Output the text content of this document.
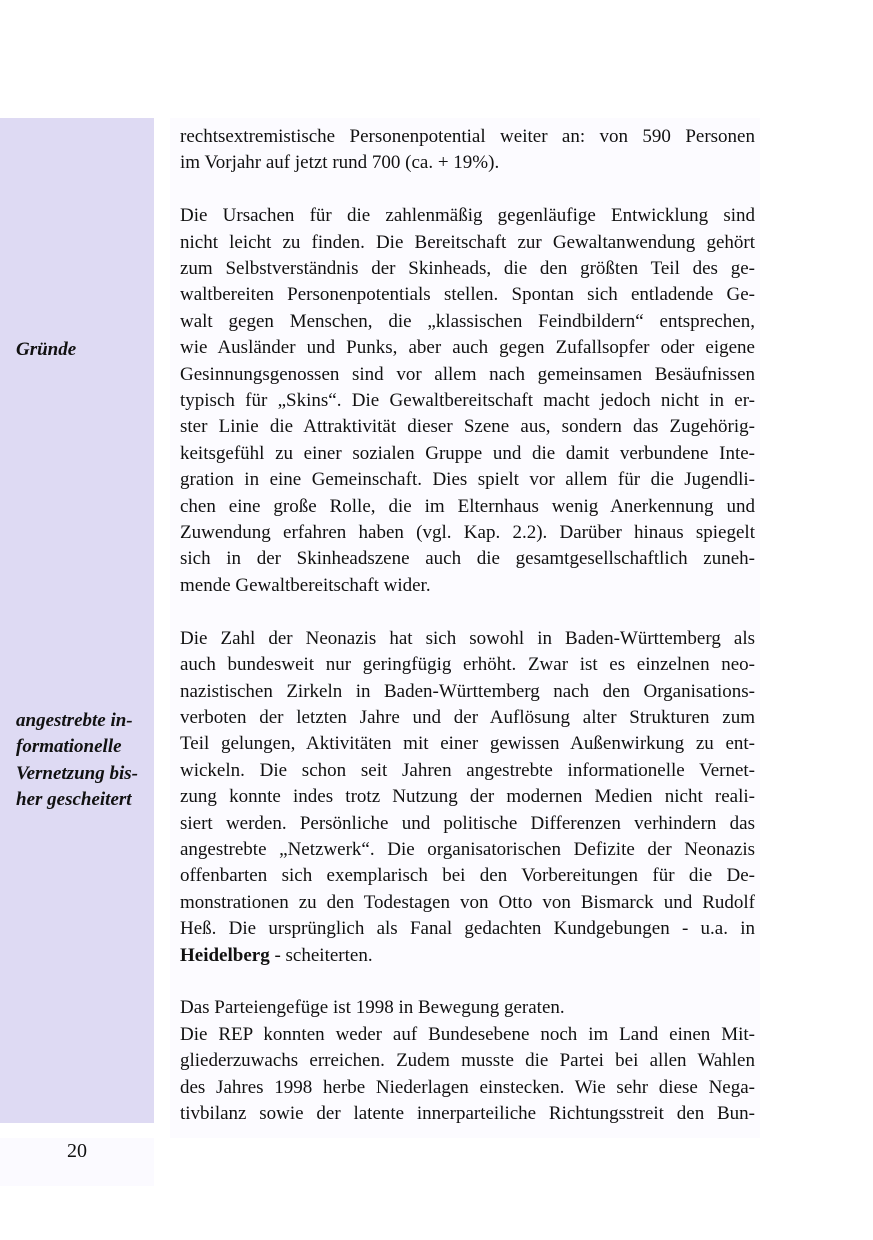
20
Gründe
angestrebte in-
formationelle
Vernetzung bis-
her gescheitert

rechtsextremistische Personenpotential weiter an: von 590 Personen
im Vorjahr auf jetzt rund 700 (ca. + 19%).

Die Ursachen für die zahlenmäßig gegenläufige Entwicklung sind
nicht leicht zu finden. Die Bereitschaft zur Gewaltanwendung gehört
zum Selbstverständnis der Skinheads, die den größten Teil des ge-
waltbereiten Personenpotentials stellen. Spontan sich entladende Ge-
walt gegen Menschen, die „klassischen Feindbildern“ entsprechen,
wie Ausländer und Punks, aber auch gegen Zufallsopfer oder eigene
Gesinnungsgenossen sind vor allem nach gemeinsamen Besäufnissen
typisch für „Skins“. Die Gewaltbereitschaft macht jedoch nicht in er-
ster Linie die Attraktivität dieser Szene aus, sondern das Zugehörig-
keitsgefühl zu einer sozialen Gruppe und die damit verbundene Inte-
gration in eine Gemeinschaft. Dies spielt vor allem für die Jugendli-
chen eine große Rolle, die im Elternhaus wenig Anerkennung und
Zuwendung erfahren haben (vgl. Kap. 2.2). Darüber hinaus spiegelt
sich in der Skinheadszene auch die gesamtgesellschaftlich zuneh-
mende Gewaltbereitschaft wider.

Die Zahl der Neonazis hat sich sowohl in Baden-Württemberg als
auch bundesweit nur geringfügig erhöht. Zwar ist es einzelnen neo-
nazistischen Zirkeln in Baden-Württemberg nach den Organisations-
verboten der letzten Jahre und der Auflösung alter Strukturen zum
Teil gelungen, Aktivitäten mit einer gewissen Außenwirkung zu ent-
wickeln. Die schon seit Jahren angestrebte informationelle Vernet-
zung konnte indes trotz Nutzung der modernen Medien nicht reali-
siert werden. Persönliche und politische Differenzen verhindern das
angestrebte „Netzwerk“. Die organisatorischen Defizite der Neonazis
offenbarten sich exemplarisch bei den Vorbereitungen für die De-
monstrationen zu den Todestagen von Otto von Bismarck und Rudolf
Heß. Die ursprünglich als Fanal gedachten Kundgebungen - u.a. in
Heidelberg - scheiterten.

Das Parteiengefüge ist 1998 in Bewegung geraten.

Die REP konnten weder auf Bundesebene noch im Land einen Mit-
gliederzuwachs erreichen. Zudem musste die Partei bei allen Wahlen
des Jahres 1998 herbe Niederlagen einstecken. Wie sehr diese Nega-
tivbilanz sowie der latente innerparteiliche Richtungsstreit den Bun-
